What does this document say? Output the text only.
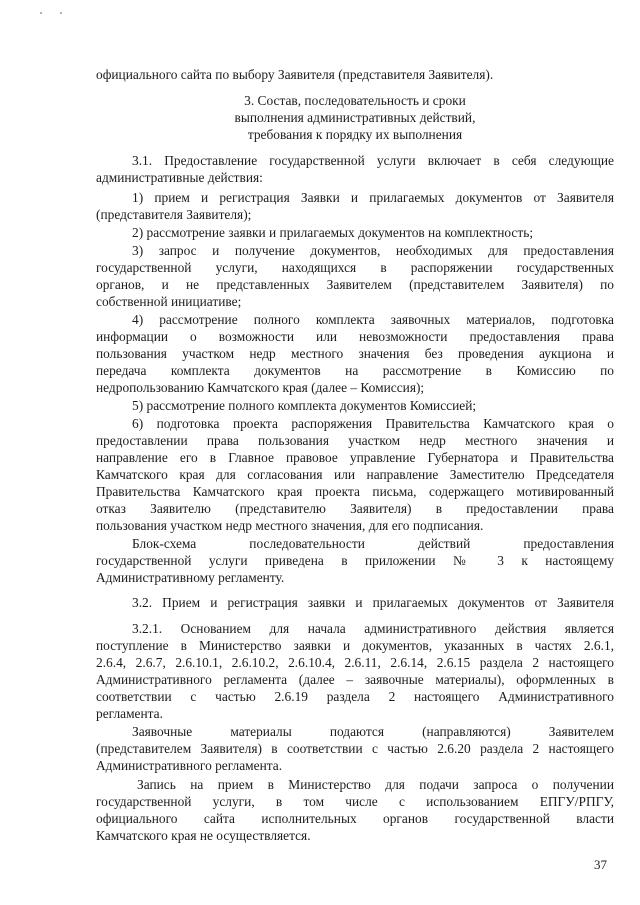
официального сайта по выбору Заявителя (представителя Заявителя).
3. Состав, последовательность и сроки
выполнения административных действий,
требования к порядку их выполнения
3.1. Предоставление государственной услуги включает в себя следующие
административные действия:
1) прием и регистрация Заявки и прилагаемых документов от Заявителя
(представителя Заявителя);
2) рассмотрение заявки и прилагаемых документов на комплектность;
3) запрос и получение документов, необходимых для предоставления
государственной услуги, находящихся в распоряжении государственных
органов, и не представленных Заявителем (представителем Заявителя) по
собственной инициативе;
4) рассмотрение полного комплекта заявочных материалов, подготовка
информации о возможности или невозможности предоставления права
пользования участком недр местного значения без проведения аукциона и
передача комплекта документов на рассмотрение в Комиссию по
недропользованию Камчатского края (далее – Комиссия);
5) рассмотрение полного комплекта документов Комиссией;
6) подготовка проекта распоряжения Правительства Камчатского края о
предоставлении права пользования участком недр местного значения и
направление его в Главное правовое управление Губернатора и Правительства
Камчатского края для согласования или направление Заместителю Председателя
Правительства Камчатского края проекта письма, содержащего мотивированный
отказ Заявителю (представителю Заявителя) в предоставлении права
пользования участком недр местного значения, для его подписания.
Блок-схема последовательности действий предоставления
государственной услуги приведена в приложении № 3 к настоящему
Административному регламенту.
3.2. Прием и регистрация заявки и прилагаемых документов от Заявителя
3.2.1. Основанием для начала административного действия является
поступление в Министерство заявки и документов, указанных в частях 2.6.1,
2.6.4, 2.6.7, 2.6.10.1, 2.6.10.2, 2.6.10.4, 2.6.11, 2.6.14, 2.6.15 раздела 2 настоящего
Административного регламента (далее – заявочные материалы), оформленных в
соответствии с частью 2.6.19 раздела 2 настоящего Административного
регламента.
Заявочные материалы подаются (направляются) Заявителем
(представителем Заявителя) в соответствии с частью 2.6.20 раздела 2 настоящего
Административного регламента.
Запись на прием в Министерство для подачи запроса о получении
государственной услуги, в том числе с использованием ЕПГУ/РПГУ,
официального сайта исполнительных органов государственной власти
Камчатского края не осуществляется.
37
